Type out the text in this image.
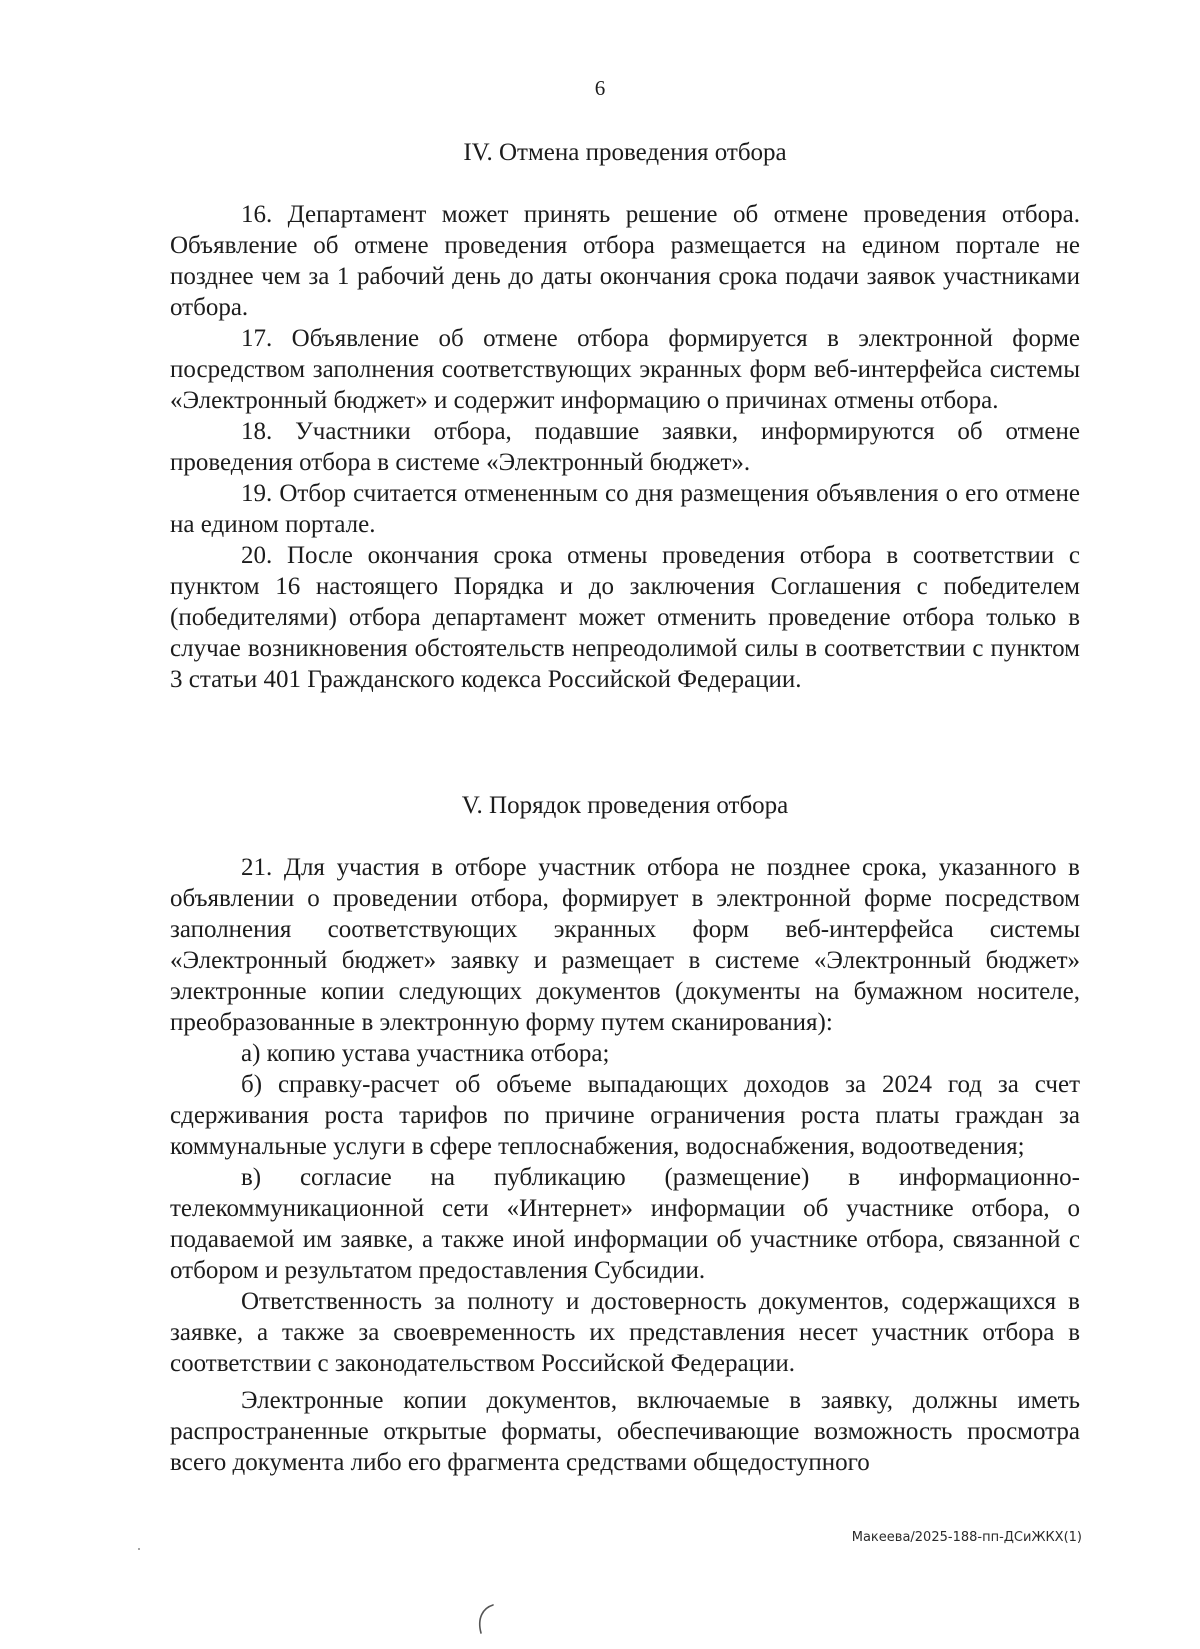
6
IV. Отмена проведения отбора

16. Департамент может принять решение об отмене проведения отбора. Объявление об отмене проведения отбора размещается на едином портале не позднее чем за 1 рабочий день до даты окончания срока подачи заявок участниками отбора.

17. Объявление об отмене отбора формируется в электронной форме посредством заполнения соответствующих экранных форм веб-интерфейса системы «Электронный бюджет» и содержит информацию о причинах отмены отбора.

18. Участники отбора, подавшие заявки, информируются об отмене проведения отбора в системе «Электронный бюджет».

19. Отбор считается отмененным со дня размещения объявления о его отмене на едином портале.

20. После окончания срока отмены проведения отбора в соответствии с пунктом 16 настоящего Порядка и до заключения Соглашения с победителем (победителями) отбора департамент может отменить проведение отбора только в случае возникновения обстоятельств непреодолимой силы в соответствии с пунктом 3 статьи 401 Гражданского кодекса Российской Федерации.

V. Порядок проведения отбора

21. Для участия в отборе участник отбора не позднее срока, указанного в объявлении о проведении отбора, формирует в электронной форме посредством заполнения соответствующих экранных форм веб-интерфейса системы «Электронный бюджет» заявку и размещает в системе «Электронный бюджет» электронные копии следующих документов (документы на бумажном носителе, преобразованные в электронную форму путем сканирования):

а) копию устава участника отбора;

б) справку-расчет об объеме выпадающих доходов за 2024 год за счет сдерживания роста тарифов по причине ограничения роста платы граждан за коммунальные услуги в сфере теплоснабжения, водоснабжения, водоотведения;

в) согласие на публикацию (размещение) в информационно-телекоммуникационной сети «Интернет» информации об участнике отбора, о подаваемой им заявке, а также иной информации об участнике отбора, связанной с отбором и результатом предоставления Субсидии.

Ответственность за полноту и достоверность документов, содержащихся в заявке, а также за своевременность их представления несет участник отбора в соответствии с законодательством Российской Федерации.

Электронные копии документов, включаемые в заявку, должны иметь распространенные открытые форматы, обеспечивающие возможность просмотра всего документа либо его фрагмента средствами общедоступного

Макеева/2025-188-пп-ДСиЖКХ(1)
